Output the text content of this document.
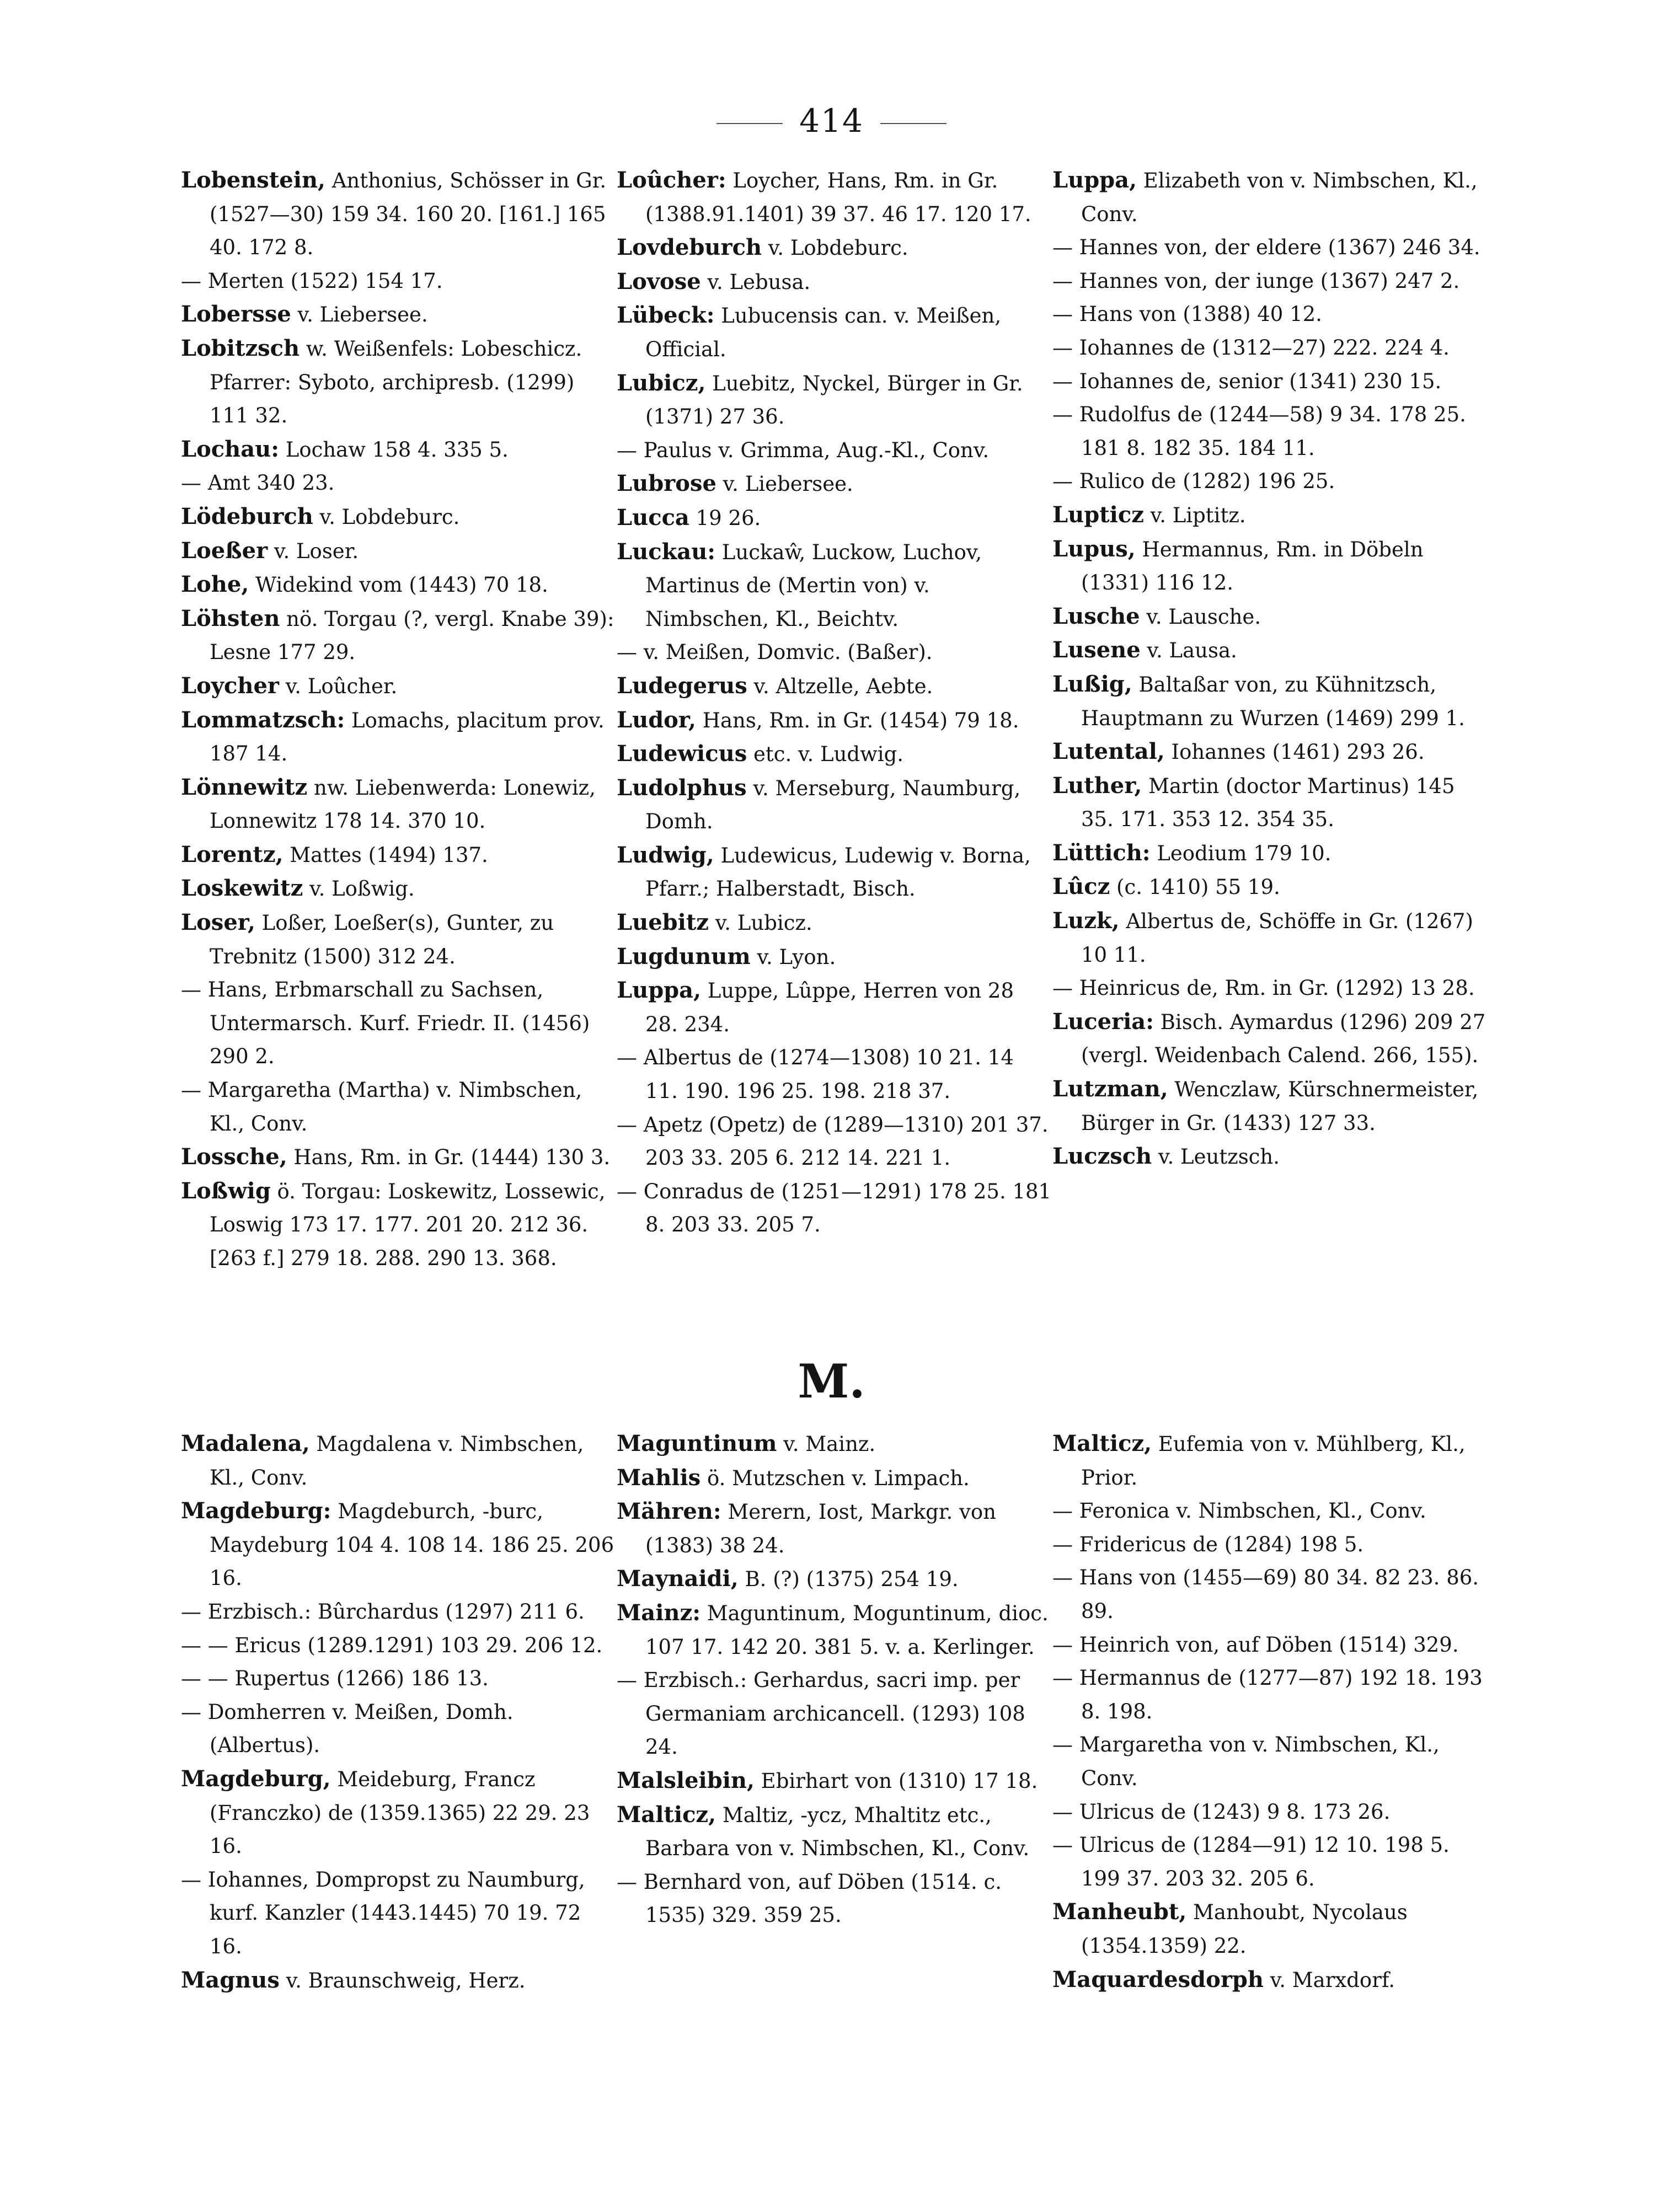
414
Lobenstein, Anthonius, Schösser in Gr. (1527—30) 159 34. 160 20. [161.] 165 40. 172 8.
— Merten (1522) 154 17.
Lobersse v. Liebersee.
Lobitzsch w. Weißenfels: Lobeschicz. Pfarrer: Syboto, archipresb. (1299) 111 32.
Lochau: Lochaw 158 4. 335 5.
— Amt 340 23.
Lödeburch v. Lobdeburc.
Loeßer v. Loser.
Lohe, Widekind vom (1443) 70 18.
Löhsten nö. Torgau (?, vergl. Knabe 39): Lesne 177 29.
Loycher v. Loûcher.
Lommatzsch: Lomachs, placitum prov. 187 14.
Lönnewitz nw. Liebenwerda: Lonewiz, Lonnewitz 178 14. 370 10.
Lorentz, Mattes (1494) 137.
Loskewitz v. Loßwig.
Loser, Loßer, Loeßer(s), Gunter, zu Trebnitz (1500) 312 24.
— Hans, Erbmarschall zu Sachsen, Untermarsch. Kurf. Friedr. II. (1456) 290 2.
— Margaretha (Martha) v. Nimbschen, Kl., Conv.
Lossche, Hans, Rm. in Gr. (1444) 130 3.
Loßwig ö. Torgau: Loskewitz, Lossewic, Loswig 173 17. 177. 201 20. 212 36. [263 f.] 279 18. 288. 290 13. 368.
Loûcher: Loycher, Hans, Rm. in Gr. (1388.91.1401) 39 37. 46 17. 120 17.
Lovdeburch v. Lobdeburc.
Lovose v. Lebusa.
Lübeck: Lubucensis can. v. Meißen, Official.
Lubicz, Luebitz, Nyckel, Bürger in Gr. (1371) 27 36.
— Paulus v. Grimma, Aug.-Kl., Conv.
Lubrose v. Liebersee.
Lucca 19 26.
Luckau: Luckaŵ, Luckow, Luchov, Martinus de (Mertin von) v. Nimbschen, Kl., Beichtv.
— v. Meißen, Domvic. (Baßer).
Ludegerus v. Altzelle, Aebte.
Ludor, Hans, Rm. in Gr. (1454) 79 18.
Ludewicus etc. v. Ludwig.
Ludolphus v. Merseburg, Naumburg, Domh.
Ludwig, Ludewicus, Ludewig v. Borna, Pfarr.; Halberstadt, Bisch.
Luebitz v. Lubicz.
Lugdunum v. Lyon.
Luppa, Luppe, Lûppe, Herren von 28 28. 234.
— Albertus de (1274—1308) 10 21. 14 11. 190. 196 25. 198. 218 37.
— Apetz (Opetz) de (1289—1310) 201 37. 203 33. 205 6. 212 14. 221 1.
— Conradus de (1251—1291) 178 25. 181 8. 203 33. 205 7.
Luppa, Elizabeth von v. Nimbschen, Kl., Conv.
— Hannes von, der eldere (1367) 246 34.
— Hannes von, der iunge (1367) 247 2.
— Hans von (1388) 40 12.
— Iohannes de (1312—27) 222. 224 4.
— Iohannes de, senior (1341) 230 15.
— Rudolfus de (1244—58) 9 34. 178 25. 181 8. 182 35. 184 11.
— Rulico de (1282) 196 25.
Lupticz v. Liptitz.
Lupus, Hermannus, Rm. in Döbeln (1331) 116 12.
Lusche v. Lausche.
Lusene v. Lausa.
Lußig, Baltaßar von, zu Kühnitzsch, Hauptmann zu Wurzen (1469) 299 1.
Lutental, Iohannes (1461) 293 26.
Luther, Martin (doctor Martinus) 145 35. 171. 353 12. 354 35.
Lüttich: Leodium 179 10.
Lûcz (c. 1410) 55 19.
Luzk, Albertus de, Schöffe in Gr. (1267) 10 11.
— Heinricus de, Rm. in Gr. (1292) 13 28.
Luceria: Bisch. Aymardus (1296) 209 27 (vergl. Weidenbach Calend. 266, 155).
Lutzman, Wenczlaw, Kürschnermeister, Bürger in Gr. (1433) 127 33.
Luczsch v. Leutzsch.
M.
Madalena, Magdalena v. Nimbschen, Kl., Conv.
Magdeburg: Magdeburch, -burc, Maydeburg 104 4. 108 14. 186 25. 206 16.
— Erzbisch.: Bûrchardus (1297) 211 6.
— — Ericus (1289.1291) 103 29. 206 12.
— — Rupertus (1266) 186 13.
— Domherren v. Meißen, Domh. (Albertus).
Magdeburg, Meideburg, Francz (Franczko) de (1359.1365) 22 29. 23 16.
— Iohannes, Dompropst zu Naumburg, kurf. Kanzler (1443.1445) 70 19. 72 16.
Magnus v. Braunschweig, Herz.
Maguntinum v. Mainz.
Mahlis ö. Mutzschen v. Limpach.
Mähren: Merern, Iost, Markgr. von (1383) 38 24.
Maynaidi, B. (?) (1375) 254 19.
Mainz: Maguntinum, Moguntinum, dioc. 107 17. 142 20. 381 5. v. a. Kerlinger.
— Erzbisch.: Gerhardus, sacri imp. per Germaniam archicancell. (1293) 108 24.
Malsleibin, Ebirhart von (1310) 17 18.
Malticz, Maltiz, -ycz, Mhaltitz etc., Barbara von v. Nimbschen, Kl., Conv.
— Bernhard von, auf Döben (1514. c. 1535) 329. 359 25.
Malticz, Eufemia von v. Mühlberg, Kl., Prior.
— Feronica v. Nimbschen, Kl., Conv.
— Fridericus de (1284) 198 5.
— Hans von (1455—69) 80 34. 82 23. 86. 89.
— Heinrich von, auf Döben (1514) 329.
— Hermannus de (1277—87) 192 18. 193 8. 198.
— Margaretha von v. Nimbschen, Kl., Conv.
— Ulricus de (1243) 9 8. 173 26.
— Ulricus de (1284—91) 12 10. 198 5. 199 37. 203 32. 205 6.
Manheubt, Manhoubt, Nycolaus (1354.1359) 22.
Maquardesdorph v. Marxdorf.
